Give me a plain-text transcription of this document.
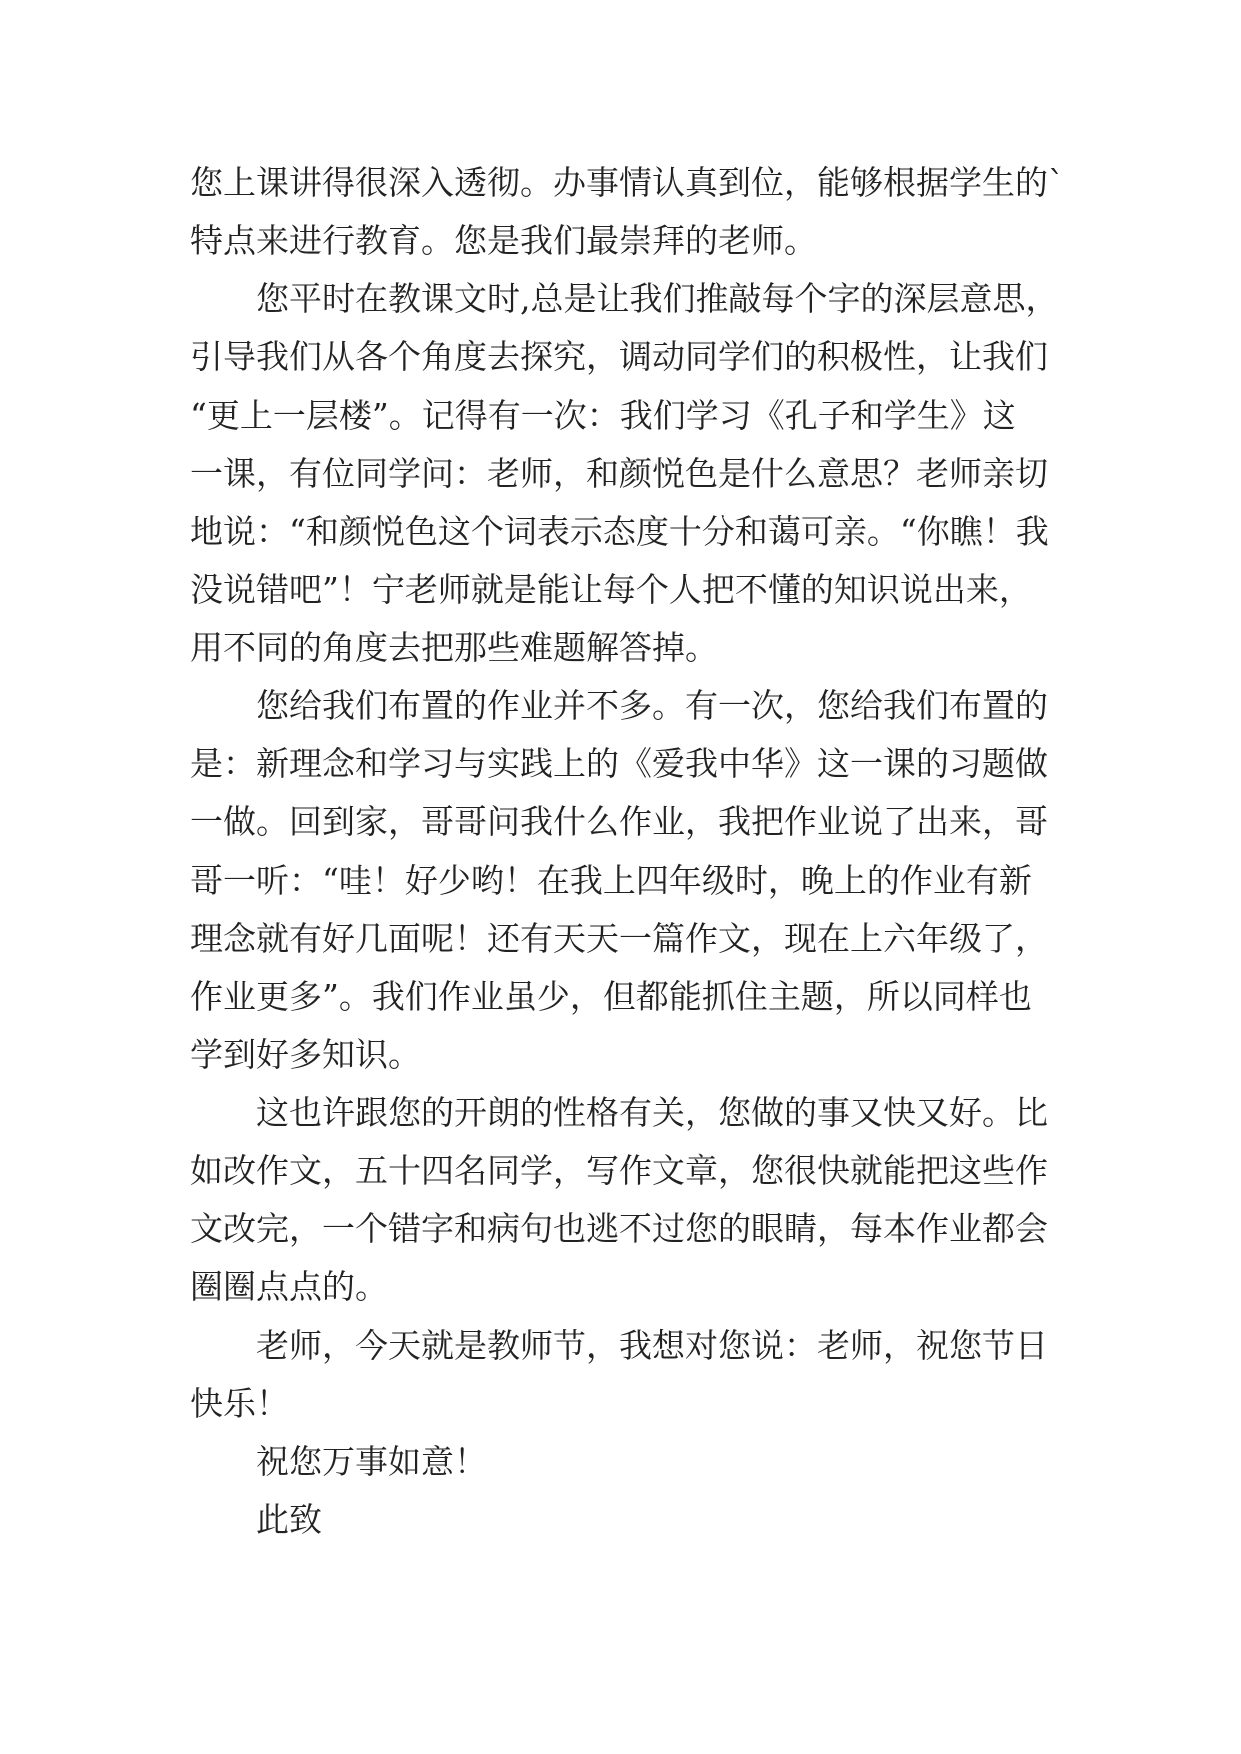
您上课讲得很深入透彻。办事情认真到位，能够根据学生的`
特点来进行教育。您是我们最崇拜的老师。
您平时在教课文时,总是让我们推敲每个字的深层意思，
引导我们从各个角度去探究，调动同学们的积极性，让我们
“更上一层楼”。记得有一次：我们学习《孔子和学生》这
一课，有位同学问：老师，和颜悦色是什么意思？老师亲切
地说：“和颜悦色这个词表示态度十分和蔼可亲。“你瞧！我
没说错吧”！宁老师就是能让每个人把不懂的知识说出来，
用不同的角度去把那些难题解答掉。
您给我们布置的作业并不多。有一次，您给我们布置的
是：新理念和学习与实践上的《爱我中华》这一课的习题做
一做。回到家，哥哥问我什么作业，我把作业说了出来，哥
哥一听：“哇！好少哟！在我上四年级时，晚上的作业有新
理念就有好几面呢！还有天天一篇作文，现在上六年级了，
作业更多”。我们作业虽少，但都能抓住主题，所以同样也
学到好多知识。
这也许跟您的开朗的性格有关，您做的事又快又好。比
如改作文，五十四名同学，写作文章，您很快就能把这些作
文改完，一个错字和病句也逃不过您的眼睛，每本作业都会
圈圈点点的。
老师，今天就是教师节，我想对您说：老师，祝您节日
快乐！
祝您万事如意！
此致
